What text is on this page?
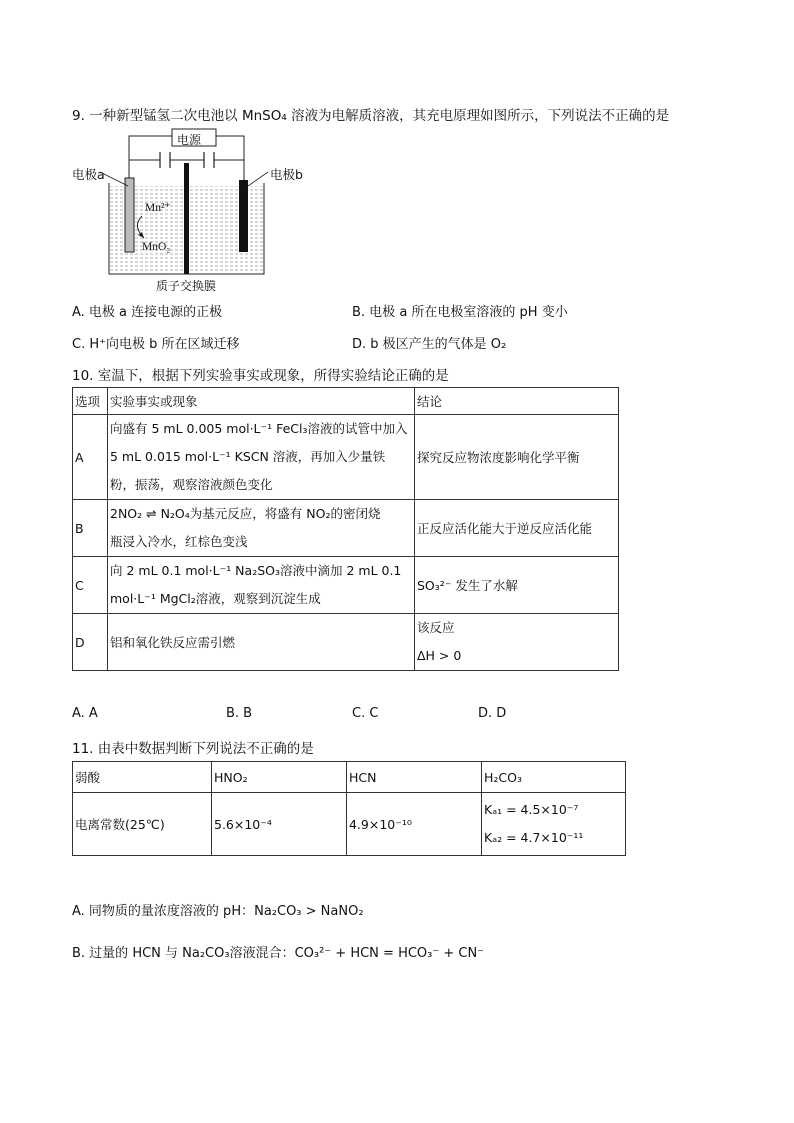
9. 一种新型锰氢二次电池以 MnSO₄ 溶液为电解质溶液，其充电原理如图所示，下列说法不正确的是
电源
电极a	电极b
Mn²⁺
MnO₂
质子交换膜
A. 电极 a 连接电源的正极	B. 电极 a 所在电极室溶液的 pH 变小
C. H⁺向电极 b 所在区域迁移	D. b 极区产生的气体是 O₂
10. 室温下，根据下列实验事实或现象，所得实验结论正确的是
选项	实验事实或现象	结论
A	向盛有 5 mL 0.005 mol·L⁻¹ FeCl₃溶液的试管中加入
5 mL 0.015 mol·L⁻¹ KSCN 溶液，再加入少量铁
粉，振荡，观察溶液颜色变化	探究反应物浓度影响化学平衡
B	2NO₂ ⇌ N₂O₄为基元反应，将盛有 NO₂的密闭烧
瓶浸入冷水，红棕色变浅	正反应活化能大于逆反应活化能
C	向 2 mL 0.1 mol·L⁻¹ Na₂SO₃溶液中滴加 2 mL 0.1
mol·L⁻¹ MgCl₂溶液，观察到沉淀生成	SO₃²⁻ 发生了水解
D	铝和氧化铁反应需引燃	该反应
ΔH > 0
A. A	B. B	C. C	D. D
11. 由表中数据判断下列说法不正确的是
弱酸	HNO₂	HCN	H₂CO₃
电离常数(25℃)	5.6×10⁻⁴	4.9×10⁻¹⁰	Kₐ₁ = 4.5×10⁻⁷
Kₐ₂ = 4.7×10⁻¹¹
A. 同物质的量浓度溶液的 pH：Na₂CO₃ > NaNO₂
B. 过量的 HCN 与 Na₂CO₃溶液混合：CO₃²⁻ + HCN = HCO₃⁻ + CN⁻
